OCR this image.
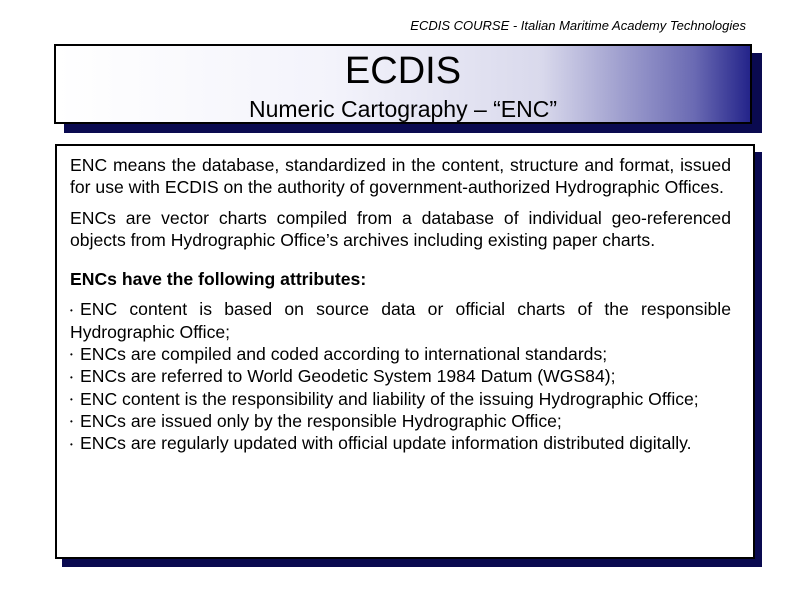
ECDIS COURSE - Italian Maritime Academy Technologies
ECDIS
Numeric Cartography – “ENC”

ENC means the database, standardized in the content, structure and format, issued for use with ECDIS on the authority of government-authorized Hydrographic Offices.

ENCs are vector charts compiled from a database of individual geo-referenced objects from Hydrographic Office’s archives including existing paper charts.

ENCs have the following attributes:

• ENC content is based on source data or official charts of the responsible Hydrographic Office;
• ENCs are compiled and coded according to international standards;
• ENCs are referred to World Geodetic System 1984 Datum (WGS84);
• ENC content is the responsibility and liability of the issuing Hydrographic Office;
• ENCs are issued only by the responsible Hydrographic Office;
• ENCs are regularly updated with official update information distributed digitally.
